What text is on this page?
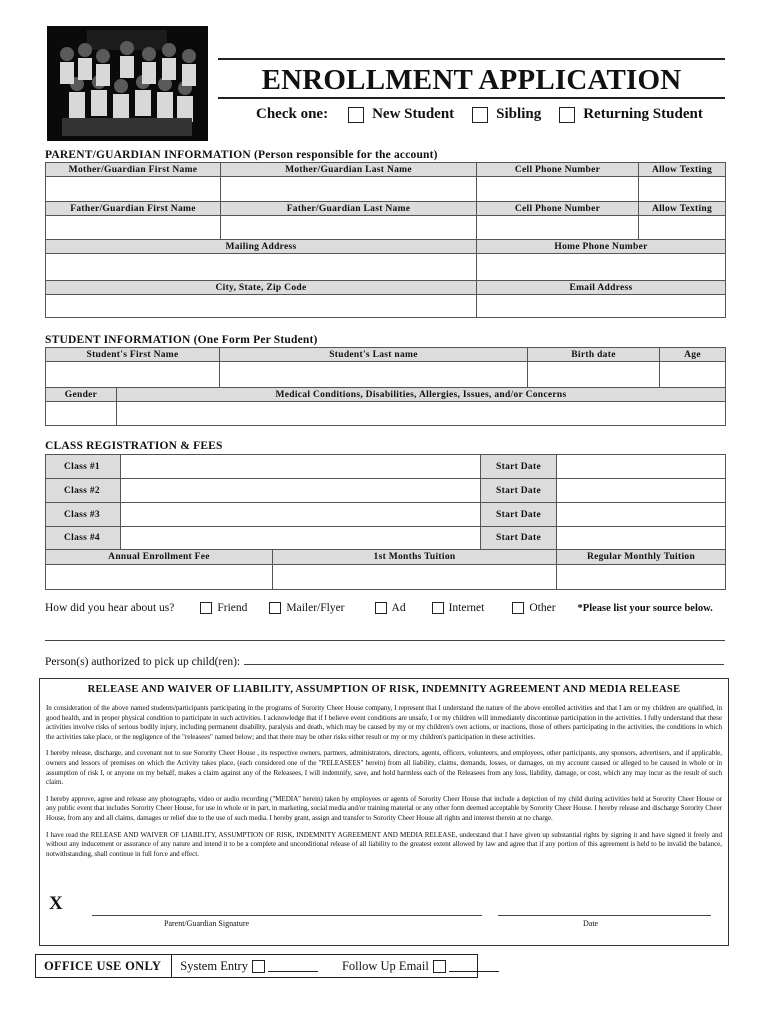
ENROLLMENT APPLICATION
Check one:	New Student	Sibling	Returning Student
PARENT/GUARDIAN INFORMATION (Person responsible for the account)
Mother/Guardian First Name	Mother/Guardian Last Name	Cell Phone Number	Allow Texting

Father/Guardian First Name	Father/Guardian Last Name	Cell Phone Number	Allow Texting

Mailing Address		Home Phone Number	

City, State, Zip Code		Email Address	

STUDENT INFORMATION (One Form Per Student)
Student's First Name		Student's Last name	Birth date	Age

Gender	Medical Conditions, Disabilities, Allergies, Issues, and/or Concerns			

CLASS REGISTRATION & FEES
Class #1			Start Date	
Class #2			Start Date	
Class #3			Start Date	
Class #4			Start Date	
Annual Enrollment Fee		1st Months Tuition		Regular Monthly Tuition

How did you hear about us?	Friend	Mailer/Flyer	Ad	Internet	Other *Please list your source below.
Person(s) authorized to pick up child(ren):
RELEASE AND WAIVER OF LIABILITY, ASSUMPTION OF RISK, INDEMNITY AGREEMENT AND MEDIA RELEASE

In consideration of the above named students/participants participating in the programs of Sorority Cheer House company, I represent that I understand the nature of the above enrolled activities and that I am or my children are qualified, in good health, and in proper physical condition to participate in such activities. I acknowledge that if I believe event conditions are unsafe, I or my children will immediately discontinue participation in the activities. I fully understand that these activities involve risks of serious bodily injury, including permanent disability, paralysis and death, which may be caused by my or my children's own actions, or inactions, those of others participating in the activities, the conditions in which the activities take place, or the negligence of the "releasees" named below; and that there may be other risks either result or my or my children's participation in these activities.

I hereby release, discharge, and covenant not to sue Sorority Cheer House , its respective owners, partners, administrators, directors, agents, officers, volunteers, and employees, other participants, any sponsors, advertisers, and if applicable, owners and lessors of premises on which the Activity takes place, (each considered one of the "RELEASEES" herein) from all liability, claims, demands, losses, or damages, on my account caused or alleged to be caused in whole or in assumption of risk I, or anyone on my behalf, makes a claim against any of the Releasees, I will indemnify, save, and hold harmless each of the Releasees from any loss, liability, damage, or cost, which any may incur as the result of such claim.

I hereby approve, agree and release any photographs, video or audio recording ("MEDIA" herein) taken by employees or agents of Sorority Cheer House that include a depiction of my child during activities held at Sorority Cheer House or any public event that includes Sorority Cheer House, for use in whole or in part, in marketing, social media and/or training material or any other form deemed acceptable by Sorority Cheer House. I hereby release and discharge Sorority Cheer House, from any and all claims, damages or relief due to the use of such media. I hereby grant, assign and transfer to Sorority Cheer House all rights and interest therein at no charge.

I have read the RELEASE AND WAIVER OF LIABILITY, ASSUMPTION OF RISK, INDEMNITY AGREEMENT AND MEDIA RELEASE, understand that I have given up substantial rights by signing it and have signed it freely and without any inducement or assurance of any nature and intend it to be a complete and unconditional release of all liability to the greatest extent allowed by law and agree that if any portion of this agreement is held to be invalid the balance, notwithstanding, shall continue in full force and effect.

X
Parent/Guardian Signature	Date
OFFICE USE ONLY	System Entry	Follow Up Email
